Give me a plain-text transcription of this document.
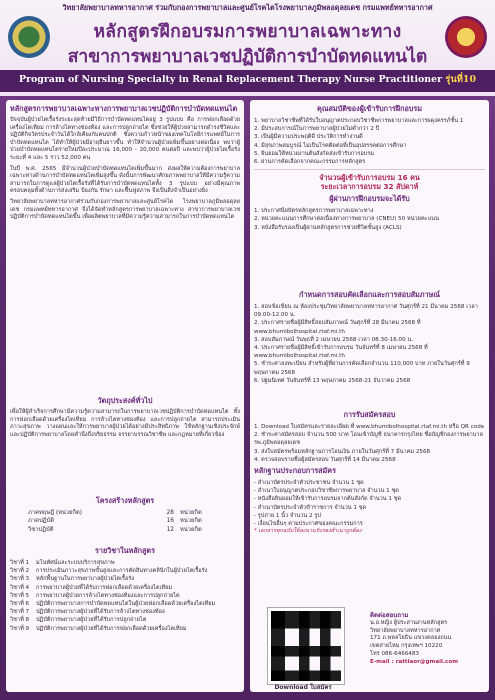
วิทยาลัยพยาบาลทหารอากาศ ร่วมกับกองการพยาบาลและศูนย์โรคไตโรงพยาบาลภูมิพลอดุลยเดช กรมแพทย์ทหารอากาศ
หลักสูตรฝึกอบรมการพยาบาลเฉพาะทาง
สาขาการพยาบาลเวชปฏิบัติการบำบัดทดแทนไต
Program of Nursing Specialty in Renal Replacement Therapy Nurse Practitioner รุ่นที่10
หลักสูตรการพยาบาลเฉพาะทางการพยาบาลเวชปฏิบัติการบำบัดทดแทนไต

ปัจจุบันผู้ป่วยไตเรื้อรังระยะสุดท้ายมีวิธีการบำบัดทดแทนไตอยู่ 3 รูปแบบ คือ การฟอกเลือดด้วยเครื่องไตเทียม การล้างไตทางช่องท้อง และการปลูกถ่ายไต ซึ่งช่วยให้ผู้ป่วยสามารถดำรงชีวิตและปฏิบัติกิจวัตรประจำวันได้ใกล้เคียงกับคนปกติ ซึ่งความก้าวหน้าของเทคโนโลยีการแพทย์ในการบำบัดทดแทนไต ได้ทำให้ผู้ป่วยมีอายุยืนยาวขึ้น ทำให้จำนวนผู้ป่วยเพิ่มขึ้นอย่างต่อเนื่อง พบว่าผู้ป่วยบำบัดทดแทนไตรายใหม่ปีละประมาณ 16,000 - 20,000 คนต่อปี และพบว่าผู้ป่วยไตเรื้อรังระยะที่ 4 และ 5 ราว 52,000 คน

ในปี พ.ศ. 2565 มีจำนวนผู้ป่วยบำบัดทดแทนไตเพิ่มขึ้นมาก ส่งผลให้ความต้องการพยาบาลเฉพาะทางด้านการบำบัดทดแทนไตเพิ่มสูงขึ้น ดังนั้นการพัฒนาศักยภาพพยาบาลให้มีความรู้ความสามารถในการดูแลผู้ป่วยไตเรื้อรังที่ได้รับการบำบัดทดแทนไตทั้ง 3 รูปแบบ อย่างมีคุณภาพ ครอบคลุมทั้งด้านการส่งเสริม ป้องกัน รักษา และฟื้นฟูสภาพ จึงเป็นสิ่งจำเป็นอย่างยิ่ง

วิทยาลัยพยาบาลทหารอากาศร่วมกับกองการพยาบาลและศูนย์โรคไต โรงพยาบาลภูมิพลอดุลยเดช กรมแพทย์ทหารอากาศ จึงได้จัดทำหลักสูตรการพยาบาลเฉพาะทาง สาขาการพยาบาลเวชปฏิบัติการบำบัดทดแทนไตขึ้น เพื่อผลิตพยาบาลที่มีความรู้ความสามารถในการบำบัดทดแทนไต

วัตถุประสงค์ทั่วไป

เพื่อให้ผู้สำเร็จการศึกษามีความรู้ความสามารถในการพยาบาลเวชปฏิบัติการบำบัดทดแทนไต ทั้งการฟอกเลือดด้วยเครื่องไตเทียม การล้างไตทางช่องท้อง และการปลูกถ่ายไต สามารถประเมินภาวะสุขภาพ วางแผนและให้การพยาบาลผู้ป่วยได้อย่างมีประสิทธิภาพ ใช้หลักฐานเชิงประจักษ์ และปฏิบัติการพยาบาลโดยคำนึงถึงจริยธรรม จรรยาบรรณวิชาชีพ และกฎหมายที่เกี่ยวข้อง

โครงสร้างหลักสูตร
ภาคทฤษฎี (หน่วยกิต)	28	หน่วยกิต
ภาคปฏิบัติ	16	หน่วยกิต
วิชาปฏิบัติ	12	หน่วยกิต
รายวิชาในหลักสูตร
วิชาที่ 1	มโนทัศน์และระบบบริการสุขภาพ
วิชาที่ 2	การประเมินภาวะสุขภาพขั้นสูงและการตัดสินทางคลินิกในผู้ป่วยไตเรื้อรัง
วิชาที่ 3	หลักพื้นฐานในการพยาบาลผู้ป่วยไตเรื้อรัง
วิชาที่ 4	การพยาบาลผู้ป่วยที่ได้รับการฟอกเลือดด้วยเครื่องไตเทียม
วิชาที่ 5	การพยาบาลผู้ป่วยการล้างไตทางช่องท้องและการปลูกถ่ายไต
วิชาที่ 6	ปฏิบัติการพยาบาลการบำบัดทดแทนไตในผู้ป่วยฟอกเลือดด้วยเครื่องไตเทียม
วิชาที่ 7	ปฏิบัติการพยาบาลผู้ป่วยที่ได้รับการล้างไตทางช่องท้อง
วิชาที่ 8	ปฏิบัติการพยาบาลผู้ป่วยที่ได้รับการปลูกถ่ายไต
วิชาที่ 9	ปฏิบัติการพยาบาลผู้ป่วยที่ได้รับการฟอกเลือดด้วยเครื่องไตเทียม
คุณสมบัติของผู้เข้ารับการฝึกอบรม
1. พยาบาลวิชาชีพที่ได้รับใบอนุญาตประกอบวิชาชีพการพยาบาลและการผดุงครรภ์ชั้น 1
2. มีประสบการณ์ในการพยาบาลผู้ป่วยไม่ต่ำกว่า 2 ปี
3. เป็นผู้มีความประพฤติดี ประวัติการทำงานดี
4. มีสุขภาพสมบูรณ์ ไม่เป็นโรคติดต่อที่เป็นอุปสรรคต่อการศึกษา
5. ยินยอมให้หน่วยงานต้นสังกัดส่งเข้ารับการอบรม
6. ผ่านการคัดเลือกจากคณะกรรมการหลักสูตร

จำนวนผู้เข้ารับการอบรม 16 คน

ระยะเวลาการอบรม 32 สัปดาห์

ผู้ผ่านการฝึกอบรมจะได้รับ
1. ประกาศนียบัตรหลักสูตรการพยาบาลเฉพาะทาง
2. หน่วยคะแนนการศึกษาต่อเนื่องทางการพยาบาล (CNEU) 50 หน่วยคะแนน
3. หนังสือรับรองเป็นผู้ผ่านหลักสูตรการช่วยชีวิตขั้นสูง (ACLS)
กำหนดการสอบคัดเลือกและการสอบสัมภาษณ์
1. สอบข้อเขียน ณ ห้องประชุมวิทยาลัยพยาบาลทหารอากาศ วันศุกร์ที่ 21 มีนาคม 2568 เวลา 09.00-12.00 น.
2. ประกาศรายชื่อผู้มีสิทธิ์สอบสัมภาษณ์ วันศุกร์ที่ 28 มีนาคม 2568 ที่ www.bhumibolhospital.rtaf.mi.th
3. สอบสัมภาษณ์ วันพุธที่ 2 เมษายน 2568 เวลา 08.30-16.00 น.
4. ประกาศรายชื่อผู้มีสิทธิ์เข้ารับการอบรม วันจันทร์ที่ 8 เมษายน 2568 ที่ www.bhumibolhospital.rtaf.mi.th
5. ชำระค่าลงทะเบียน สำหรับผู้ที่ผ่านการคัดเลือกจำนวน 110,000 บาท ภายในวันศุกร์ที่ 9 พฤษภาคม 2568
6. ปฐมนิเทศ วันจันทร์ที่ 13 พฤษภาคม 2568-21 ธันวาคม 2568
การรับสมัครสอบ
1. Download ใบสมัครและรายละเอียด ที่ www.bhumibolhospital.rtaf.mi.th หรือ QR code
2. ชำระค่าสมัครสอบ จำนวน 500 บาท โอนเข้าบัญชี ธนาคารกรุงไทย ชื่อบัญชีกองการพยาบาล รพ.ภูมิพลอดุลยเดช
3. ส่งใบสมัครพร้อมหลักฐานการโอนเงิน ภายในวันศุกร์ที่ 7 มีนาคม 2568
4. ตรวจสอบรายชื่อผู้สมัครสอบ วันศุกร์ที่ 14 มีนาคม 2568
หลักฐานประกอบการสมัคร
- สำเนาบัตรประจำตัวประชาชน จำนวน 1 ชุด
- สำเนาใบอนุญาตประกอบวิชาชีพการพยาบาล จำนวน 1 ชุด
- หนังสือยินยอมให้เข้ารับการอบรมจากต้นสังกัด จำนวน 1 ชุด
- สำเนาบัตรประจำตัวข้าราชการ จำนวน 1 ชุด
- รูปถ่าย 1 นิ้ว จำนวน 2 รูป
- เงื่อนไขอื่นๆ ตามประกาศของคณะกรรมการ
* เอกสารทุกฉบับให้ลงนามรับรองสำเนาถูกต้อง
Download ใบสมัคร
ติดต่อสอบถาม
น.อ.หญิง ผู้ประสานงานหลักสูตร
วิทยาลัยพยาบาลทหารอากาศ
171 ถ.พหลโยธิน แขวงคลองถนน
เขตสายไหม กรุงเทพฯ 10220
โทร 086-6466483
E-mail : rattiaor@gmail.com
